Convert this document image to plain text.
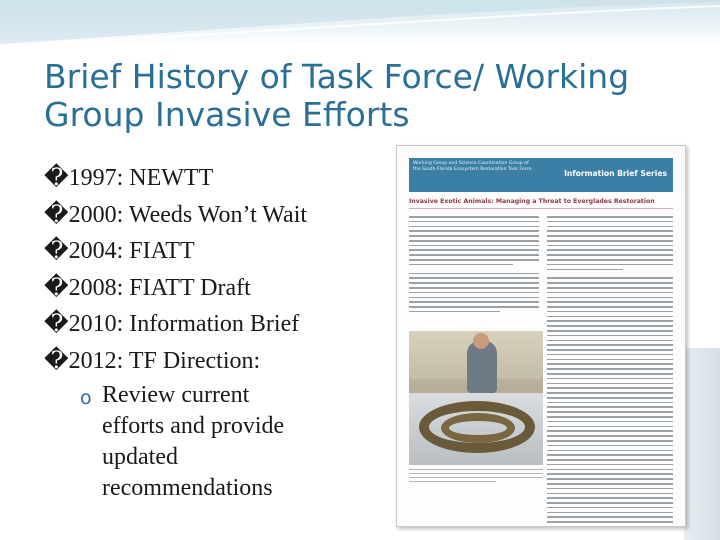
Brief History of Task Force/ Working
Group Invasive Efforts
�1997: NEWTT
�2000: Weeds Won’t Wait
�2004: FIATT
�2008: FIATT Draft
�2010: Information Brief
�2012: TF Direction:
o Review current
efforts and provide
updated
recommendations
Working Group and Science Coordination Group of the South Florida Ecosystem Restoration Task Force	Information Brief Series
Invasive Exotic Animals: Managing a Threat to Everglades Restoration
